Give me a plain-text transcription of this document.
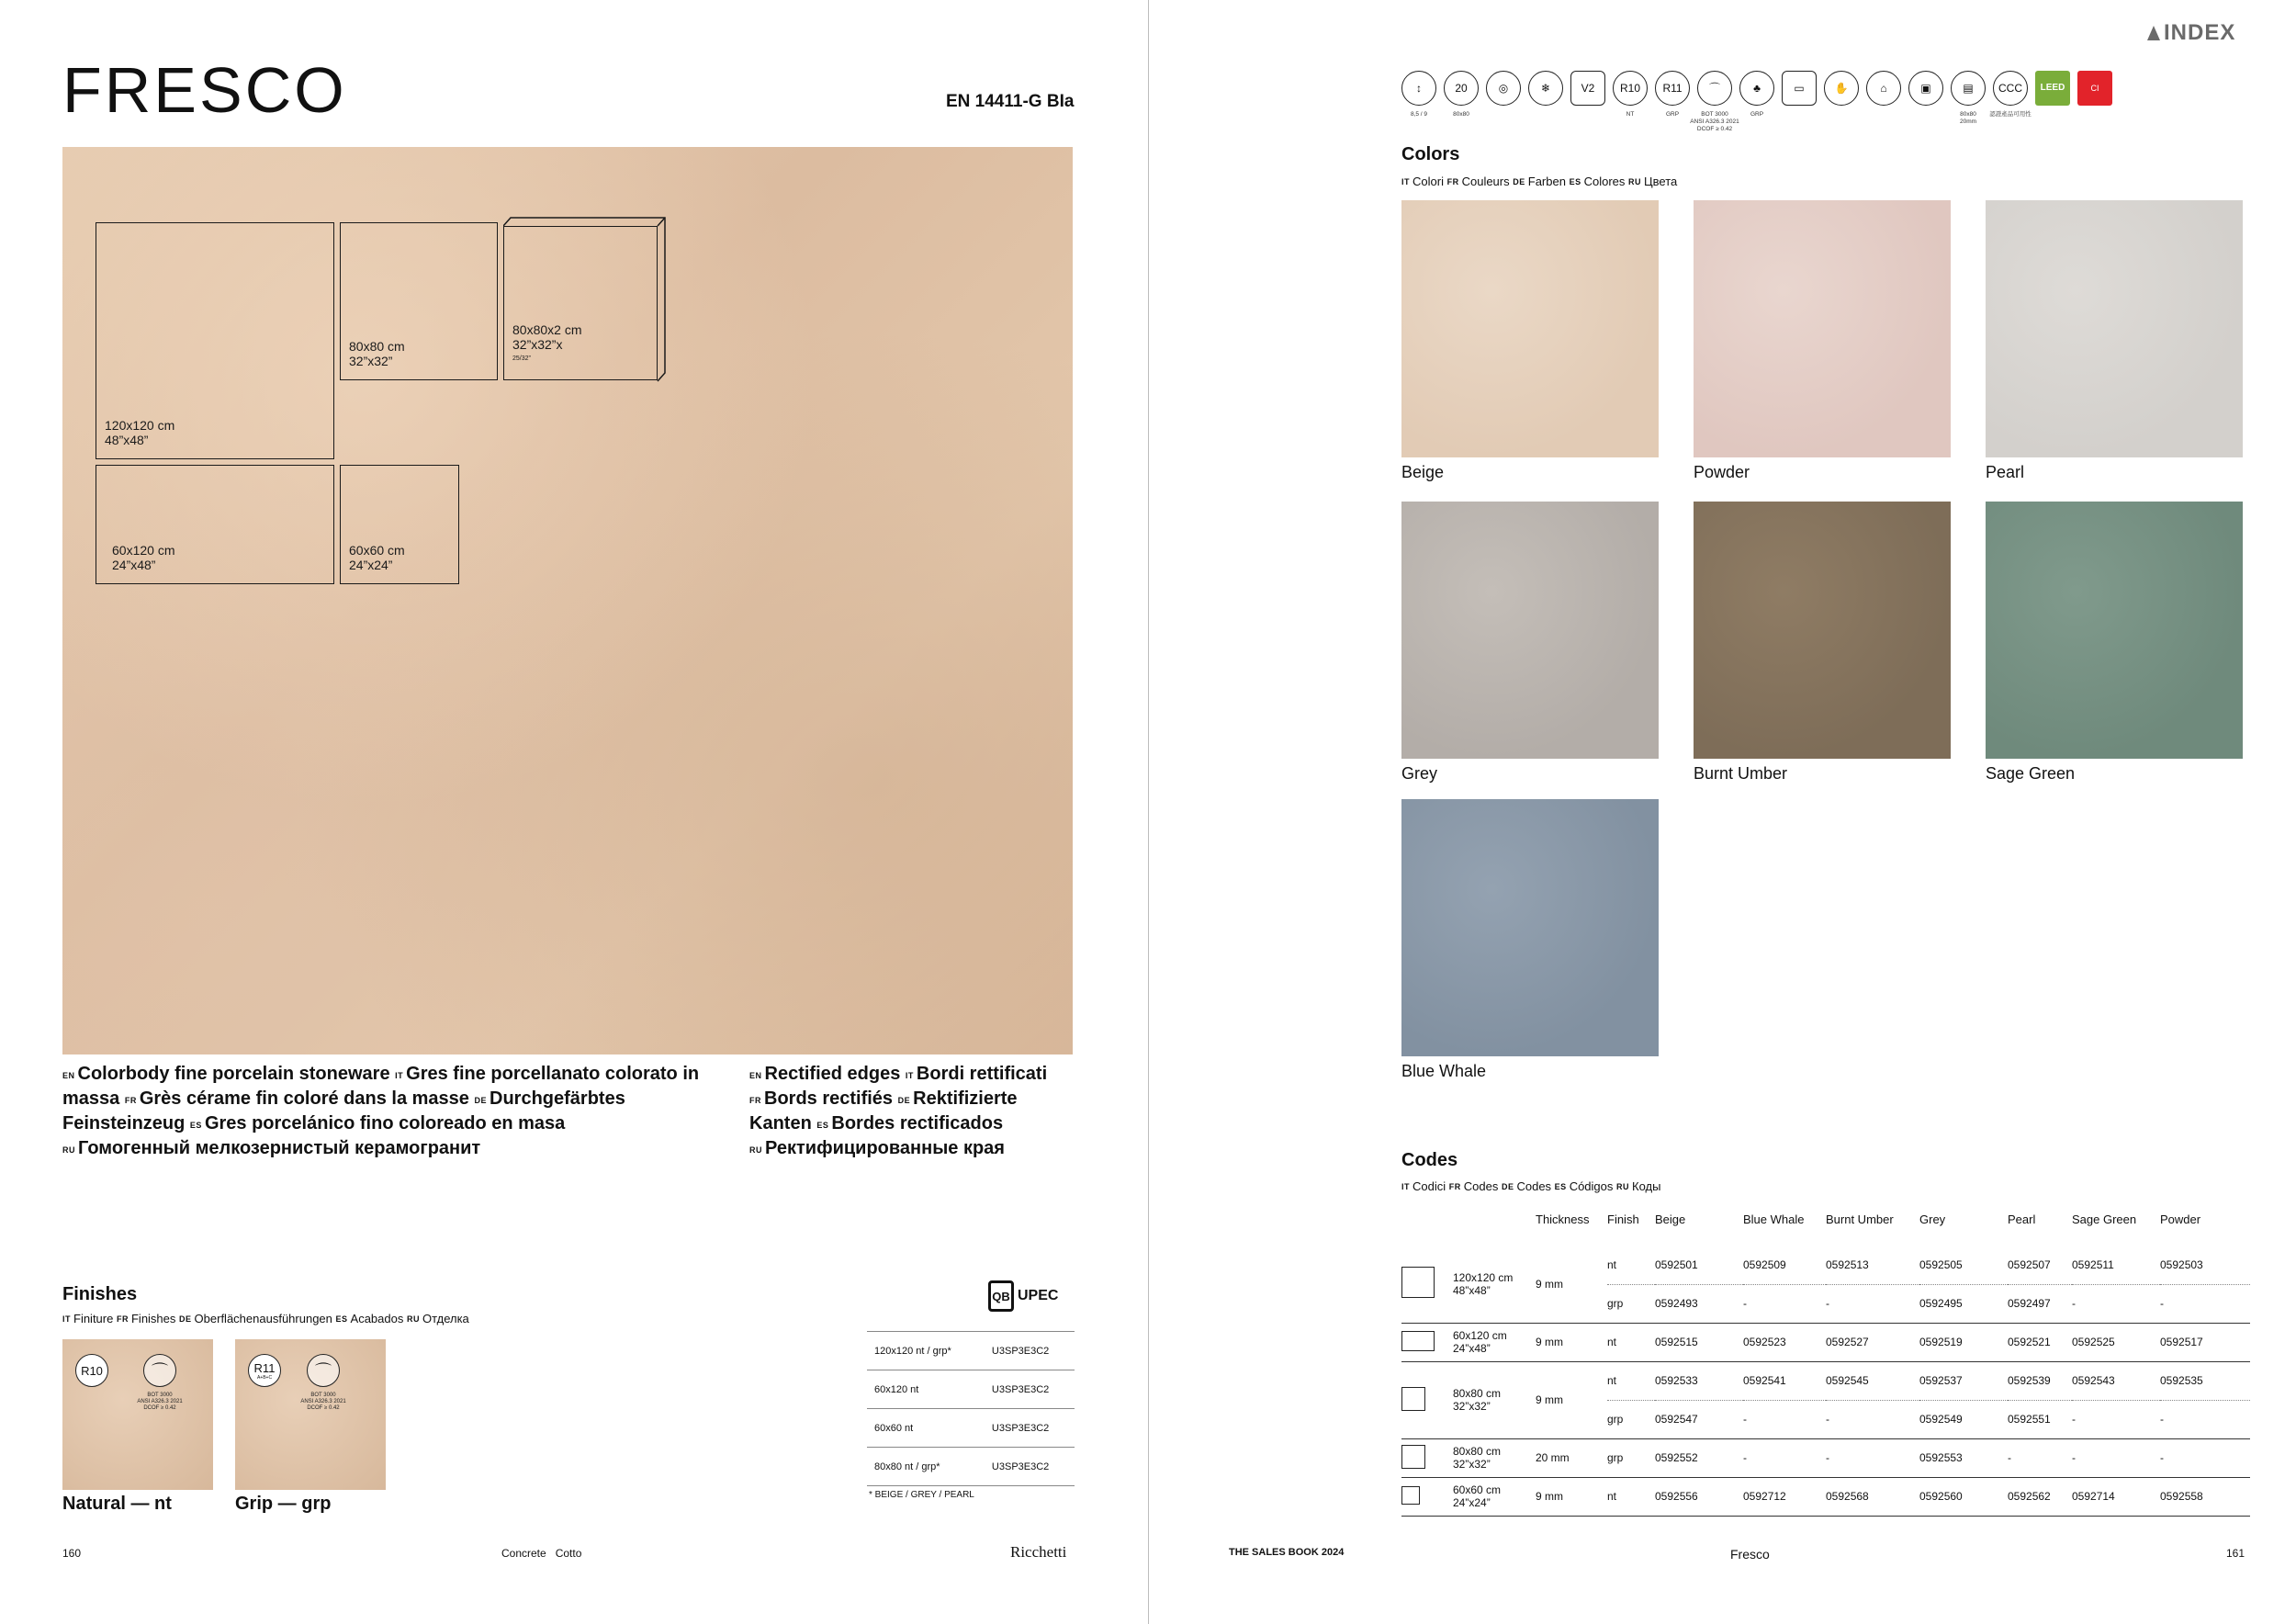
FRESCO	EN 14411-G BIa
120x120 cm
48”x48”
80x80 cm
32”x32”
80x80x2 cm
32”x32”x
$^{25/32”}$
60x120 cm
24”x48”
60x60 cm
24”x24”
EN Colorbody fine porcelain stoneware IT Gres fine porcellanato colorato in massa FR Grès cérame fin coloré dans la masse DE Durchgefärbtes Feinsteinzeug ES Gres porcelánico fino coloreado en masa
RU Гомогенный мелкозернистый керамогранит
EN Rectified edges IT Bordi rettificati
FR Bords rectifiés DE Rektifizierte Kanten ES Bordes rectificados
RU Ректифицированные края
Finishes
IT Finiture FR Finishes DE Oberflächenausführungen ES Acabados RU Отделка
R10	⌒
BOT 3000
ANSI A326.3 2021
DCOF ≥ 0.42
Natural — nt
R11
A+B+C	⌒
BOT 3000
ANSI A326.3 2021
DCOF ≥ 0.42
Grip — grp
QB UPEC
120x120 nt / grp*	U3SP3E3C2
60x120 nt	U3SP3E3C2
60x60 nt	U3SP3E3C2
80x80 nt / grp*	U3SP3E3C2
* BEIGE / GREY / PEARL
160	Concrete   Cotto	Ricchetti
INDEX
↕	20	◎	❄	V2	R10	R11	⌒	♣	▭	✋	⌂	▣	▤	CCC	LEED	CI
Colors
IT Colori FR Couleurs DE Farben ES Colores RU Цвета
Beige	Powder	Pearl
Grey	Burnt Umber	Sage Green
Blue Whale
Codes
IT Codici FR Codes DE Codes ES Códigos RU Коды
		Thickness	Finish	Beige	Blue Whale	Burnt Umber	Grey	Pearl	Sage Green	Powder

	120x120 cm
48”x48”	9 mm	nt	0592501	0592509	0592513	0592505	0592507	0592511	0592503
			grp	0592493	-	-	0592495	0592497	-	-

	60x120 cm
24”x48”	9 mm	nt	0592515	0592523	0592527	0592519	0592521	0592525	0592517

	80x80 cm
32”x32”	9 mm	nt	0592533	0592541	0592545	0592537	0592539	0592543	0592535
			grp	0592547	-	-	0592549	0592551	-	-

	80x80 cm
32”x32”	20 mm	grp	0592552	-	-	0592553	-	-	-

	60x60 cm
24”x24”	9 mm	nt	0592556	0592712	0592568	0592560	0592562	0592714	0592558
THE SALES BOOK 2024	Fresco	161
8,5 / 9	80x80	NT	GRP	BOT 3000
ANSI A326.3 2021
DCOF ≥ 0.42
GRP	80x80
20mm
認證產品可用性
